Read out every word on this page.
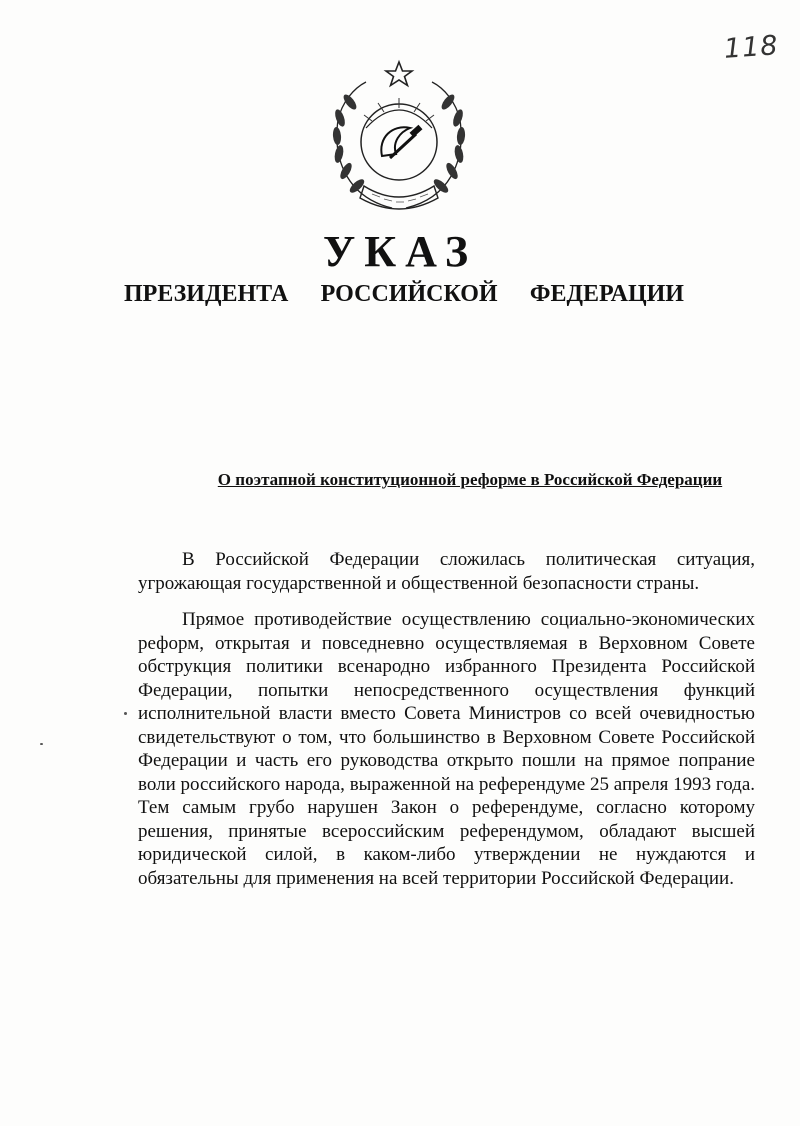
118
УКАЗ
ПРЕЗИДЕНТА РОССИЙСКОЙ ФЕДЕРАЦИИ
О поэтапной конституционной реформе в Российской Федерации

В Российской Федерации сложилась политическая ситуация, угрожающая государственной и общественной безопасности страны.

Прямое противодействие осуществлению социально-экономических реформ, открытая и повседневно осуществляемая в Верховном Совете обструкция политики всенародно избранного Президента Российской Федерации, попытки непосредственного осуществления функций исполнительной власти вместо Совета Министров со всей очевидностью свидетельствуют о том, что большинство в Верховном Совете Российской Федерации и часть его руководства открыто пошли на прямое попрание воли российского народа, выраженной на референдуме 25 апреля 1993 года. Тем самым грубо нарушен Закон о референдуме, согласно которому решения, принятые всероссийским референдумом, обладают высшей юридической силой, в каком-либо утверждении не нуждаются и обязательны для применения на всей территории Российской Федерации.
